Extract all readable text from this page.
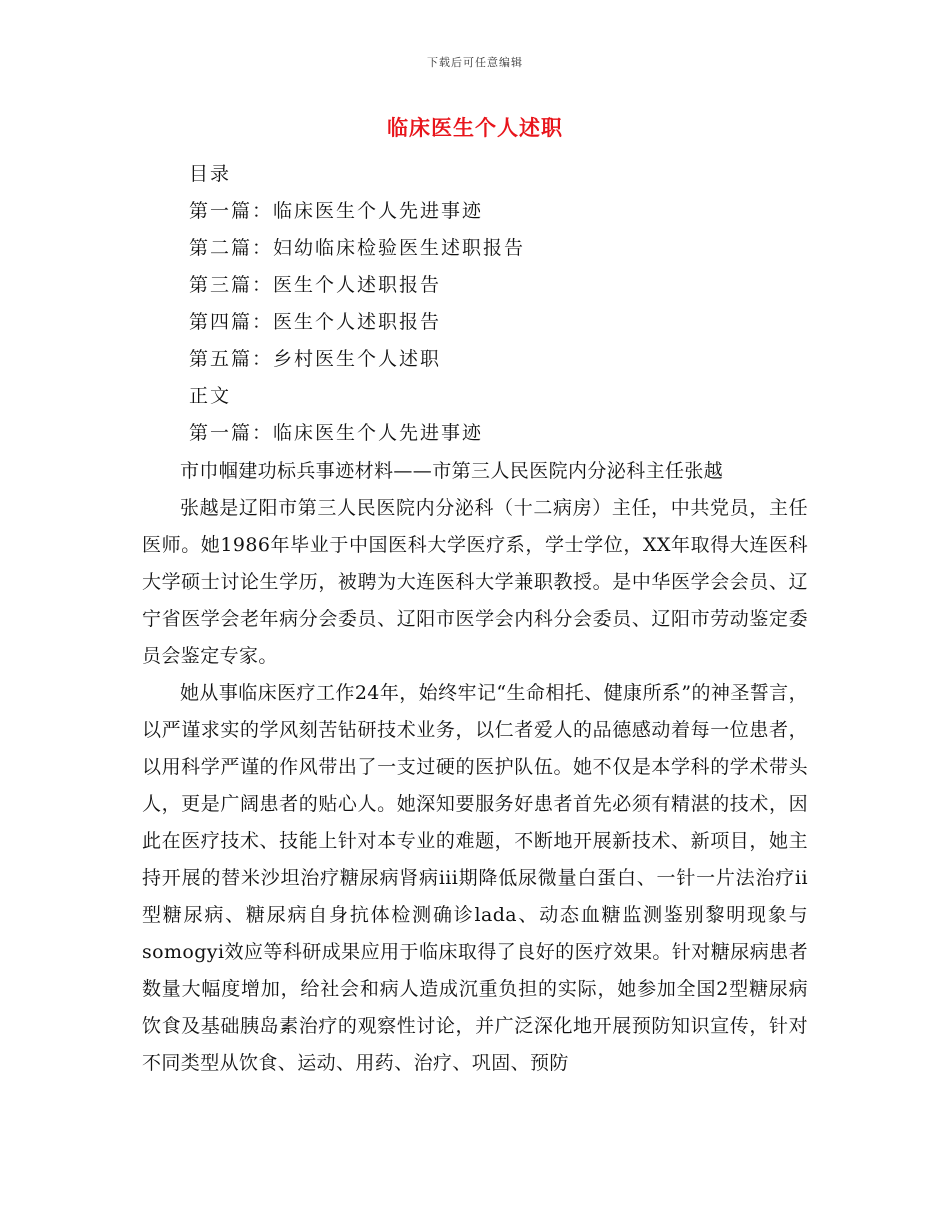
下载后可任意编辑
临床医生个人述职
目录
第一篇：临床医生个人先进事迹
第二篇：妇幼临床检验医生述职报告
第三篇：医生个人述职报告
第四篇：医生个人述职报告
第五篇：乡村医生个人述职
正文
第一篇：临床医生个人先进事迹

市巾帼建功标兵事迹材料——市第三人民医院内分泌科主任张越

张越是辽阳市第三人民医院内分泌科（十二病房）主任，中共党员，主任医师。她1986年毕业于中国医科大学医疗系，学士学位，XX年取得大连医科大学硕士讨论生学历，被聘为大连医科大学兼职教授。是中华医学会会员、辽宁省医学会老年病分会委员、辽阳市医学会内科分会委员、辽阳市劳动鉴定委员会鉴定专家。

她从事临床医疗工作24年，始终牢记“生命相托、健康所系”的神圣誓言，以严谨求实的学风刻苦钻研技术业务，以仁者爱人的品德感动着每一位患者，以用科学严谨的作风带出了一支过硬的医护队伍。她不仅是本学科的学术带头人，更是广阔患者的贴心人。她深知要服务好患者首先必须有精湛的技术，因此在医疗技术、技能上针对本专业的难题，不断地开展新技术、新项目，她主持开展的替米沙坦治疗糖尿病肾病iii期降低尿微量白蛋白、一针一片法治疗ii型糖尿病、糖尿病自身抗体检测确诊lada、动态血糖监测鉴别黎明现象与somogyi效应等科研成果应用于临床取得了良好的医疗效果。针对糖尿病患者数量大幅度增加，给社会和病人造成沉重负担的实际，她参加全国2型糖尿病饮食及基础胰岛素治疗的观察性讨论，并广泛深化地开展预防知识宣传，针对不同类型从饮食、运动、用药、治疗、巩固、预防
